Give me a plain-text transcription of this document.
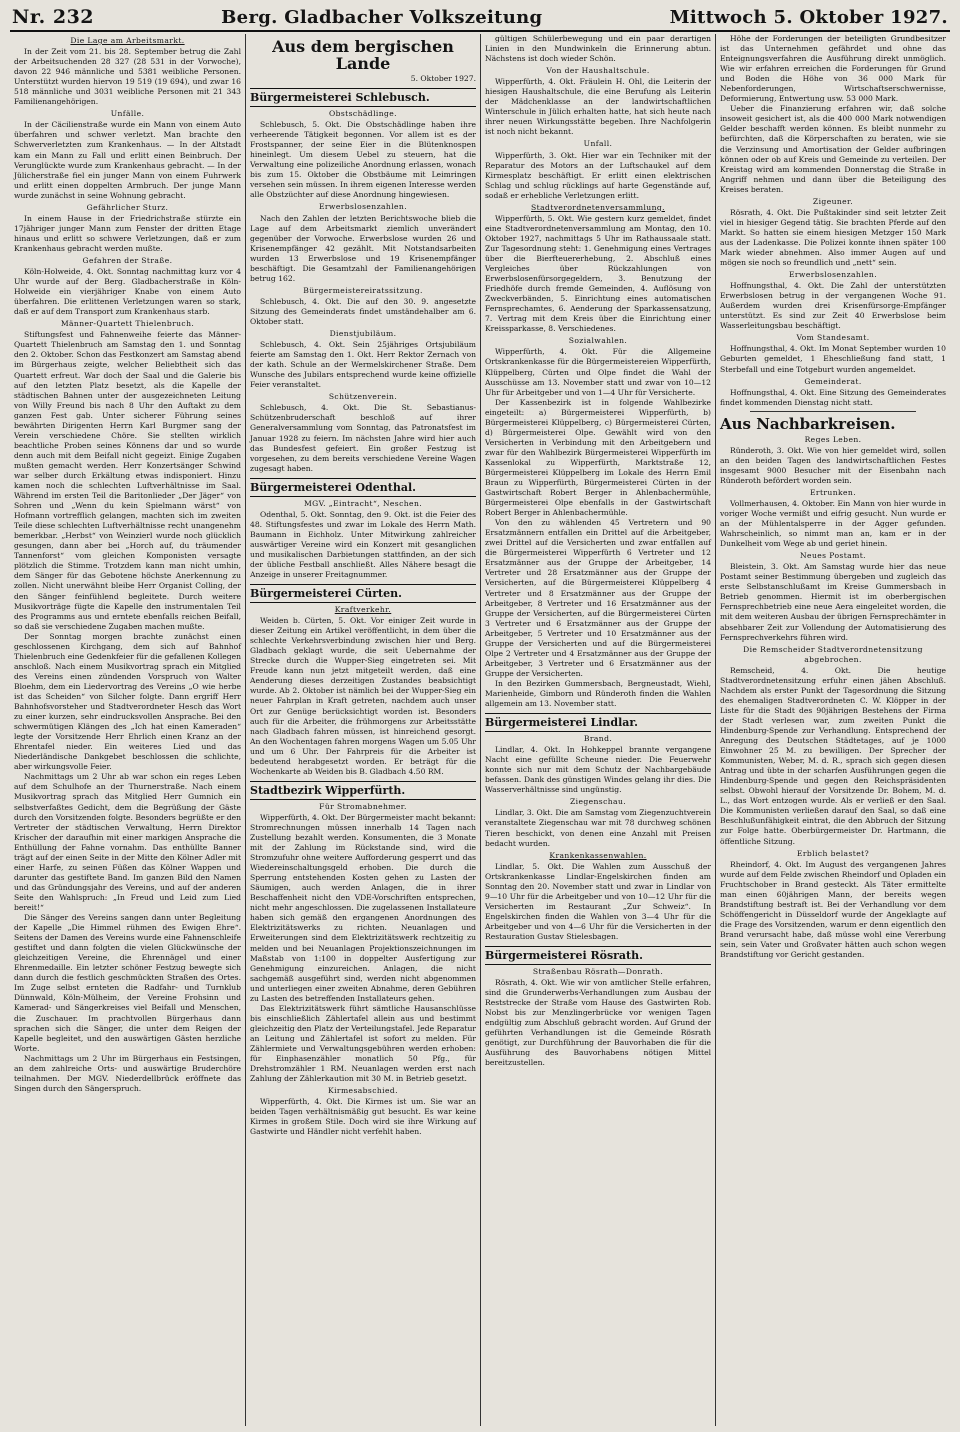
Nr. 232	Berg. Gladbacher Volkszeitung	Mittwoch 5. Oktober 1927.
Die Lage am Arbeitsmarkt.

In der Zeit vom 21. bis 28. September betrug die Zahl der Arbeitsuchenden 28 327 (28 531 in der Vorwoche), davon 22 946 männliche und 5381 weibliche Personen. Unterstützt wurden hiervon 19 519 (19 694), und zwar 16 518 männliche und 3031 weibliche Personen mit 21 343 Familienangehörigen.

Unfälle.

In der Cäcilienstraße wurde ein Mann von einem Auto überfahren und schwer verletzt. Man brachte den Schwerverletzten zum Krankenhaus. — In der Altstadt kam ein Mann zu Fall und erlitt einen Beinbruch. Der Verunglückte wurde zum Krankenhaus gebracht. — In der Jülicherstraße fiel ein junger Mann von einem Fuhrwerk und erlitt einen doppelten Armbruch. Der junge Mann wurde zunächst in seine Wohnung gebracht.

Gefährlicher Sturz.

In einem Hause in der Friedrichstraße stürzte ein 17jähriger junger Mann zum Fenster der dritten Etage hinaus und erlitt so schwere Verletzungen, daß er zum Krankenhaus gebracht werden mußte.

Gefahren der Straße.

Köln-Holweide, 4. Okt. Sonntag nachmittag kurz vor 4 Uhr wurde auf der Berg. Gladbacherstraße in Köln-Holweide ein vierjähriger Knabe von einem Auto überfahren. Die erlittenen Verletzungen waren so stark, daß er auf dem Transport zum Krankenhaus starb.

Männer-Quartett Thielenbruch.

Stiftungsfest und Fahnenweihe feierte das Männer-Quartett Thielenbruch am Samstag den 1. und Sonntag den 2. Oktober. Schon das Festkonzert am Samstag abend im Bürgerhaus zeigte, welcher Beliebtheit sich das Quartett erfreut. War doch der Saal und die Galerie bis auf den letzten Platz besetzt, als die Kapelle der städtischen Bahnen unter der ausgezeichneten Leitung von Willy Freund bis nach 8 Uhr den Auftakt zu dem ganzen Fest gab. Unter sicherer Führung seines bewährten Dirigenten Herrn Karl Burgmer sang der Verein verschiedene Chöre. Sie stellten wirklich beachtliche Proben seines Könnens dar und so wurde denn auch mit dem Beifall nicht gegeizt. Einige Zugaben mußten gemacht werden. Herr Konzertsänger Schwind war selber durch Erkältung etwas indisponiert. Hinzu kamen noch die schlechten Luftverhältnisse im Saal. Während im ersten Teil die Baritonlieder „Der Jäger“ von Sohren und „Wenn du kein Spielmann wärst“ von Hofmann vortrefflich gelangen, machten sich im zweiten Teile diese schlechten Luftverhältnisse recht unangenehm bemerkbar. „Herbst“ von Weinzierl wurde noch glücklich gesungen, dann aber bei „Horch auf, du träumender Tannenforst“ vom gleichen Komponisten versagte plötzlich die Stimme. Trotzdem kann man nicht umhin, dem Sänger für das Gebotene höchste Anerkennung zu zollen. Nicht unerwähnt bleibe Herr Organist Colling, der den Sänger feinfühlend begleitete. Durch weitere Musikvorträge fügte die Kapelle den instrumentalen Teil des Programms aus und erntete ebenfalls reichen Beifall, so daß sie verschiedene Zugaben machen mußte.

Der Sonntag morgen brachte zunächst einen geschlossenen Kirchgang, dem sich auf Bahnhof Thielenbruch eine Gedenkfeier für die gefallenen Kollegen anschloß. Nach einem Musikvortrag sprach ein Mitglied des Vereins einen zündenden Vorspruch von Walter Bloehm, dem ein Liedervortrag des Vereins „O wie herbe ist das Scheiden“ von Silcher folgte. Dann ergriff Herr Bahnhofsvorsteher und Stadtverordneter Hesch das Wort zu einer kurzen, sehr eindrucksvollen Ansprache. Bei den schwermütigen Klängen des „Ich hat einen Kameraden“ legte der Vorsitzende Herr Ehrlich einen Kranz an der Ehrentafel nieder. Ein weiteres Lied und das Niederländische Dankgebet beschlossen die schlichte, aber wirkungsvolle Feier.

Nachmittags um 2 Uhr ab war schon ein reges Leben auf dem Schulhofe an der Thurnerstraße. Nach einem Musikvortrag sprach das Mitglied Herr Gumnich ein selbstverfaßtes Gedicht, dem die Begrüßung der Gäste durch den Vorsitzenden folgte. Besonders begrüßte er den Vertreter der städtischen Verwaltung, Herrn Direktor Krischer der daraufhin mit einer markigen Ansprache die Enthüllung der Fahne vornahm. Das enthüllte Banner trägt auf der einen Seite in der Mitte den Kölner Adler mit einer Harfe, zu seinen Füßen das Kölner Wappen und darunter das gestiftete Band. Im ganzen Bild den Namen und das Gründungsjahr des Vereins, und auf der anderen Seite den Wahlspruch: „In Freud und Leid zum Lied bereit!“

Die Sänger des Vereins sangen dann unter Begleitung der Kapelle „Die Himmel rühmen des Ewigen Ehre“. Seitens der Damen des Vereins wurde eine Fahnenschleife gestiftet und dann folgten die vielen Glückwünsche der gleichzeitigen Vereine, die Ehrennägel und einer Ehrenmedaille. Ein letzter schöner Festzug bewegte sich dann durch die festlich geschmückten Straßen des Ortes. Im Zuge selbst ernteten die Radfahr- und Turnklub Dünnwald, Köln-Mülheim, der Vereine Frohsinn und Kamerad- und Sängerkreises viel Beifall und Menschen, die Zuschauer. Im prachtvollen Bürgerhaus dann sprachen sich die Sänger, die unter dem Reigen der Kapelle begleitet, und den auswärtigen Gästen herzliche Worte.

Nachmittags um 2 Uhr im Bürgerhaus ein Festsingen, an dem zahlreiche Orts- und auswärtige Bruderchöre teilnahmen. Der MGV. Niederdellbrück eröffnete das Singen durch den Sängerspruch.

Aus dem bergischen Lande
5. Oktober 1927.
Bürgermeisterei Schlebusch.
Obstschädlinge.

Schlebusch, 5. Okt. Die Obstschädlinge haben ihre verheerende Tätigkeit begonnen. Vor allem ist es der Frostspanner, der seine Eier in die Blütenknospen hineinlegt. Um diesem Uebel zu steuern, hat die Verwaltung eine polizeiliche Anordnung erlassen, wonach bis zum 15. Oktober die Obstbäume mit Leimringen versehen sein müssen. In ihrem eigenen Interesse werden alle Obstzüchter auf diese Anordnung hingewiesen.

Erwerbslosenzahlen.

Nach den Zahlen der letzten Berichtswoche blieb die Lage auf dem Arbeitsmarkt ziemlich unverändert gegenüber der Vorwoche. Erwerbslose wurden 26 und Krisenempfänger 42 gezählt. Mit Notstandsarbeiten wurden 13 Erwerbslose und 19 Krisenempfänger beschäftigt. Die Gesamtzahl der Familienangehörigen betrug 162.

Bürgermeistereiratssitzung.

Schlebusch, 4. Okt. Die auf den 30. 9. angesetzte Sitzung des Gemeinderats findet umständehalber am 6. Oktober statt.

Dienstjubiläum.

Schlebusch, 4. Okt. Sein 25jähriges Ortsjubiläum feierte am Samstag den 1. Okt. Herr Rektor Zernach von der kath. Schule an der Wermelskirchener Straße. Dem Wunsche des Jubilars entsprechend wurde keine offizielle Feier veranstaltet.

Schützenverein.

Schlebusch, 4. Okt. Die St. Sebastianus-Schützenbruderschaft beschloß auf ihrer Generalversammlung vom Sonntag, das Patronatsfest im Januar 1928 zu feiern. Im nächsten Jahre wird hier auch das Bundesfest gefeiert. Ein großer Festzug ist vorgesehen, zu dem bereits verschiedene Vereine Wagen zugesagt haben.

Bürgermeisterei Odenthal.
MGV. „Eintracht“, Neschen.

Odenthal, 5. Okt. Sonntag, den 9. Okt. ist die Feier des 48. Stiftungsfestes und zwar im Lokale des Herrn Math. Baumann in Eichholz. Unter Mitwirkung zahlreicher auswärtiger Vereine wird ein Konzert mit gesanglichen und musikalischen Darbietungen stattfinden, an der sich der übliche Festball anschließt. Alles Nähere besagt die Anzeige in unserer Freitagnummer.

Bürgermeisterei Cürten.
Kraftverkehr.

Weiden b. Cürten, 5. Okt. Vor einiger Zeit wurde in dieser Zeitung ein Artikel veröffentlicht, in dem über die schlechte Verkehrsverbindung zwischen hier und Berg. Gladbach geklagt wurde, die seit Uebernahme der Strecke durch die Wupper-Sieg eingetreten sei. Mit Freude kann nun jetzt mitgeteilt werden, daß eine Aenderung dieses derzeitigen Zustandes beabsichtigt wurde. Ab 2. Oktober ist nämlich bei der Wupper-Sieg ein neuer Fahrplan in Kraft getreten, nachdem auch unser Ort zur Genüge berücksichtigt worden ist. Besonders auch für die Arbeiter, die frühmorgens zur Arbeitsstätte nach Gladbach fahren müssen, ist hinreichend gesorgt. An den Wochentagen fahren morgens Wagen um 5.05 Uhr und um 6 Uhr. Der Fahrpreis für die Arbeiter ist bedeutend herabgesetzt worden. Er beträgt für die Wochenkarte ab Weiden bis B. Gladbach 4.50 RM.

Stadtbezirk Wipperfürth.
Für Stromabnehmer.

Wipperfürth, 4. Okt. Der Bürgermeister macht bekannt: Stromrechnungen müssen innerhalb 14 Tagen nach Zustellung bezahlt werden. Konsumenten, die 3 Monate mit der Zahlung im Rückstande sind, wird die Stromzufuhr ohne weitere Aufforderung gesperrt und das Wiedereinschaltungsgeld erhoben. Die durch die Sperrung entstehenden Kosten gehen zu Lasten der Säumigen, auch werden Anlagen, die in ihrer Beschaffenheit nicht den VDE-Vorschriften entsprechen, nicht mehr angeschlossen. Die zugelassenen Installateure haben sich gemäß den ergangenen Anordnungen des Elektrizitätswerks zu richten. Neuanlagen und Erweiterungen sind dem Elektrizitätswerk rechtzeitig zu melden und bei Neuanlagen Projektionszeichnungen im Maßstab von 1:100 in doppelter Ausfertigung zur Genehmigung einzureichen. Anlagen, die nicht sachgemäß ausgeführt sind, werden nicht abgenommen und unterliegen einer zweiten Abnahme, deren Gebühren zu Lasten des betreffenden Installateurs gehen.

Das Elektrizitätswerk führt sämtliche Hausanschlüsse bis einschließlich Zählertafel allein aus und bestimmt gleichzeitig den Platz der Verteilungstafel. Jede Reparatur an Leitung und Zählertafel ist sofort zu melden. Für Zählermiete und Verwaltungsgebühren werden erhoben: für Einphasenzähler monatlich 50 Pfg., für Drehstromzähler 1 RM. Neuanlagen werden erst nach Zahlung der Zählerkaution mit 30 M. in Betrieb gesetzt.

Kirmesabschied.

Wipperfürth, 4. Okt. Die Kirmes ist um. Sie war an beiden Tagen verhältnismäßig gut besucht. Es war keine Kirmes in großem Stile. Doch wird sie ihre Wirkung auf Gastwirte und Händler nicht verfehlt haben.

gültigen Schülerbewegung und ein paar derartigen Linien in den Mundwinkeln die Erinnerung abtun. Nächstens ist doch wieder Schön.

Von der Haushaltschule.

Wipperfürth, 4. Okt. Fräulein H. Ohl, die Leiterin der hiesigen Haushaltschule, die eine Berufung als Leiterin der Mädchenklasse an der landwirtschaftlichen Winterschule in Jülich erhalten hatte, hat sich heute nach ihrer neuen Wirkungsstätte begeben. Ihre Nachfolgerin ist noch nicht bekannt.

Unfall.

Wipperfürth, 3. Okt. Hier war ein Techniker mit der Reparatur des Motors an der Luftschaukel auf dem Kirmesplatz beschäftigt. Er erlitt einen elektrischen Schlag und schlug rücklings auf harte Gegenstände auf, sodaß er erhebliche Verletzungen erlitt.

Stadtverordnetenversammlung.

Wipperfürth, 5. Okt. Wie gestern kurz gemeldet, findet eine Stadtverordnetenversammlung am Montag, den 10. Oktober 1927, nachmittags 5 Uhr im Rathaussaale statt. Zur Tagesordnung steht: 1. Genehmigung eines Vertrages über die Bierfteuererhebung, 2. Abschluß eines Vergleiches über Rückzahlungen von Erwerbslosenfürsorgegeldern, 3. Benutzung der Friedhöfe durch fremde Gemeinden, 4. Auflösung von Zweckverbänden, 5. Einrichtung eines automatischen Fernsprechamtes, 6. Aenderung der Sparkassensatzung, 7. Vertrag mit dem Kreis über die Einrichtung einer Kreissparkasse, 8. Verschiedenes.

Sozialwahlen.

Wipperfürth, 4. Okt. Für die Allgemeine Ortskrankenkasse für die Bürgermeistereien Wipperfürth, Klüppelberg, Cürten und Olpe findet die Wahl der Ausschüsse am 13. November statt und zwar von 10—12 Uhr für Arbeitgeber und von 1—4 Uhr für Versicherte.

Der Kassenbezirk ist in folgende Wahlbezirke eingeteilt: a) Bürgermeisterei Wipperfürth, b) Bürgermeisterei Klüppelberg, c) Bürgermeisterei Cürten, d) Bürgermeisterei Olpe. Gewählt wird von den Versicherten in Verbindung mit den Arbeitgebern und zwar für den Wahlbezirk Bürgermeisterei Wipperfürth im Kassenlokal zu Wipperfürth, Marktstraße 12, Bürgermeisterei Klüppelberg im Lokale des Herrn Emil Braun zu Wipperfürth, Bürgermeisterei Cürten in der Gastwirtschaft Robert Berger in Ahlenbachermühle, Bürgermeisterei Olpe ebenfalls in der Gastwirtschaft Robert Berger in Ahlenbachermühle.

Von den zu wählenden 45 Vertretern und 90 Ersatzmännern entfallen ein Drittel auf die Arbeitgeber, zwei Drittel auf die Versicherten und zwar entfallen auf die Bürgermeisterei Wipperfürth 6 Vertreter und 12 Ersatzmänner aus der Gruppe der Arbeitgeber, 14 Vertreter und 28 Ersatzmänner aus der Gruppe der Versicherten, auf die Bürgermeisterei Klüppelberg 4 Vertreter und 8 Ersatzmänner aus der Gruppe der Arbeitgeber, 8 Vertreter und 16 Ersatzmänner aus der Gruppe der Versicherten, auf die Bürgermeisterei Cürten 3 Vertreter und 6 Ersatzmänner aus der Gruppe der Arbeitgeber, 5 Vertreter und 10 Ersatzmänner aus der Gruppe der Versicherten und auf die Bürgermeisterei Olpe 2 Vertreter und 4 Ersatzmänner aus der Gruppe der Arbeitgeber, 3 Vertreter und 6 Ersatzmänner aus der Gruppe der Versicherten.

In den Bezirken Gummersbach, Bergneustadt, Wiehl, Marienheide, Gimborn und Ründeroth finden die Wahlen allgemein am 13. November statt.

Bürgermeisterei Lindlar.
Brand.

Lindlar, 4. Okt. In Hohkeppel brannte vergangene Nacht eine gefüllte Scheune nieder. Die Feuerwehr konnte sich nur mit dem Schutz der Nachbargebäude befassen. Dank des günstigen Windes gelang ihr dies. Die Wasserverhältnisse sind ungünstig.

Ziegenschau.

Lindlar, 3. Okt. Die am Samstag vom Ziegenzuchtverein veranstaltete Ziegenschau war mit 78 durchweg schönen Tieren beschickt, von denen eine Anzahl mit Preisen bedacht wurden.

Krankenkassenwahlen.

Lindlar, 5. Okt. Die Wahlen zum Ausschuß der Ortskrankenkasse Lindlar-Engelskirchen finden am Sonntag den 20. November statt und zwar in Lindlar von 9—10 Uhr für die Arbeitgeber und von 10—12 Uhr für die Versicherten im Restaurant „Zur Schweiz“. In Engelskirchen finden die Wahlen von 3—4 Uhr für die Arbeitgeber und von 4—6 Uhr für die Versicherten in der Restauration Gustav Stielesbagen.

Bürgermeisterei Rösrath.
Straßenbau Rösrath—Donrath.

Rösrath, 4. Okt. Wie wir von amtlicher Stelle erfahren, sind die Grunderwerbs-Verhandlungen zum Ausbau der Reststrecke der Straße vom Hause des Gastwirten Rob. Nobst bis zur Menzlingerbrücke vor wenigen Tagen endgültig zum Abschluß gebracht worden. Auf Grund der geführten Verhandlungen ist die Gemeinde Rösrath genötigt, zur Durchführung der Bauvorhaben die für die Ausführung des Bauvorhabens nötigen Mittel bereitzustellen.

Höhe der Forderungen der beteiligten Grundbesitzer ist das Unternehmen gefährdet und ohne das Enteignungsverfahren die Ausführung direkt unmöglich. Wie wir erfahren erreichen die Forderungen für Grund und Boden die Höhe von 36 000 Mark für Nebenforderungen, Wirtschaftserschwernisse, Deformierung, Entwertung usw. 53 000 Mark.

Ueber die Finanzierung erfahren wir, daß solche insoweit gesichert ist, als die 400 000 Mark notwendigen Gelder beschafft werden können. Es bleibt nunmehr zu befürchten, daß die Körperschaften zu beraten, wie sie die Verzinsung und Amortisation der Gelder aufbringen können oder ob auf Kreis und Gemeinde zu verteilen. Der Kreistag wird am kommenden Donnerstag die Straße in Angriff nehmen und dann über die Beteiligung des Kreises beraten.

Zigeuner.

Rösrath, 4. Okt. Die Pußtakinder sind seit letzter Zeit viel in hiesiger Gegend tätig. Sie brachten Pferde auf den Markt. So hatten sie einem hiesigen Metzger 150 Mark aus der Ladenkasse. Die Polizei konnte ihnen später 100 Mark wieder abnehmen. Also immer Augen auf und mögen sie noch so freundlich und „nett“ sein.

Erwerbslosenzahlen.

Hoffnungsthal, 4. Okt. Die Zahl der unterstützten Erwerbslosen betrug in der vergangenen Woche 91. Außerdem wurden drei Krisenfürsorge-Empfänger unterstützt. Es sind zur Zeit 40 Erwerbslose beim Wasserleitungsbau beschäftigt.

Vom Standesamt.

Hoffnungsthal, 4. Okt. Im Monat September wurden 10 Geburten gemeldet, 1 Eheschließung fand statt, 1 Sterbefall und eine Totgeburt wurden angemeldet.

Gemeinderat.

Hoffnungsthal, 4. Okt. Eine Sitzung des Gemeinderates findet kommenden Dienstag nicht statt.

Aus Nachbarkreisen.
Reges Leben.

Ründeroth, 3. Okt. Wie von hier gemeldet wird, sollen an den beiden Tagen des landwirtschaftlichen Festes insgesamt 9000 Besucher mit der Eisenbahn nach Ründeroth befördert worden sein.

Ertrunken.

Vollmerhausen, 4. Oktober. Ein Mann von hier wurde in voriger Woche vermißt und eifrig gesucht. Nun wurde er an der Mühlentalsperre in der Agger gefunden. Wahrscheinlich, so nimmt man an, kam er in der Dunkelheit vom Wege ab und geriet hinein.

Neues Postamt.

Bleistein, 3. Okt. Am Samstag wurde hier das neue Postamt seiner Bestimmung übergeben und zugleich das erste Selbstanschlußamt im Kreise Gummersbach in Betrieb genommen. Hiermit ist im oberbergischen Fernsprechbetrieb eine neue Aera eingeleitet worden, die mit dem weiteren Ausbau der übrigen Fernsprechämter in absehbarer Zeit zur Vollendung der Automatisierung des Fernsprechverkehrs führen wird.

Die Remscheider Stadtverordnetensitzung abgebrochen.

Remscheid, 4. Okt. Die heutige Stadtverordnetensitzung erfuhr einen jähen Abschluß. Nachdem als erster Punkt der Tagesordnung die Sitzung des ehemaligen Stadtverordneten C. W. Klöpper in der Liste für die Stadt des 90jährigen Bestehens der Firma der Stadt verlesen war, zum zweiten Punkt die Hindenburg-Spende zur Verhandlung. Entsprechend der Anregung des Deutschen Städtetages, auf je 1000 Einwohner 25 M. zu bewilligen. Der Sprecher der Kommunisten, Weber, M. d. R., sprach sich gegen diesen Antrag und übte in der scharfen Ausführungen gegen die Hindenburg-Spende und gegen den Reichspräsidenten selbst. Obwohl hierauf der Vorsitzende Dr. Bohem, M. d. L., das Wort entzogen wurde. Als er verließ er den Saal. Die Kommunisten verließen darauf den Saal, so daß eine Beschlußunfähigkeit eintrat, die den Abbruch der Sitzung zur Folge hatte. Oberbürgermeister Dr. Hartmann, die öffentliche Sitzung.

Erblich belastet?

Rheindorf, 4. Okt. Im August des vergangenen Jahres wurde auf dem Felde zwischen Rheindorf und Opladen ein Fruchtschober in Brand gesteckt. Als Täter ermittelte man einen 60jährigen Mann, der bereits wegen Brandstiftung bestraft ist. Bei der Verhandlung vor dem Schöffengericht in Düsseldorf wurde der Angeklagte auf die Frage des Vorsitzenden, warum er denn eigentlich den Brand verursacht habe, daß müsse wohl eine Vererbung sein, sein Vater und Großvater hätten auch schon wegen Brandstiftung vor Gericht gestanden.
